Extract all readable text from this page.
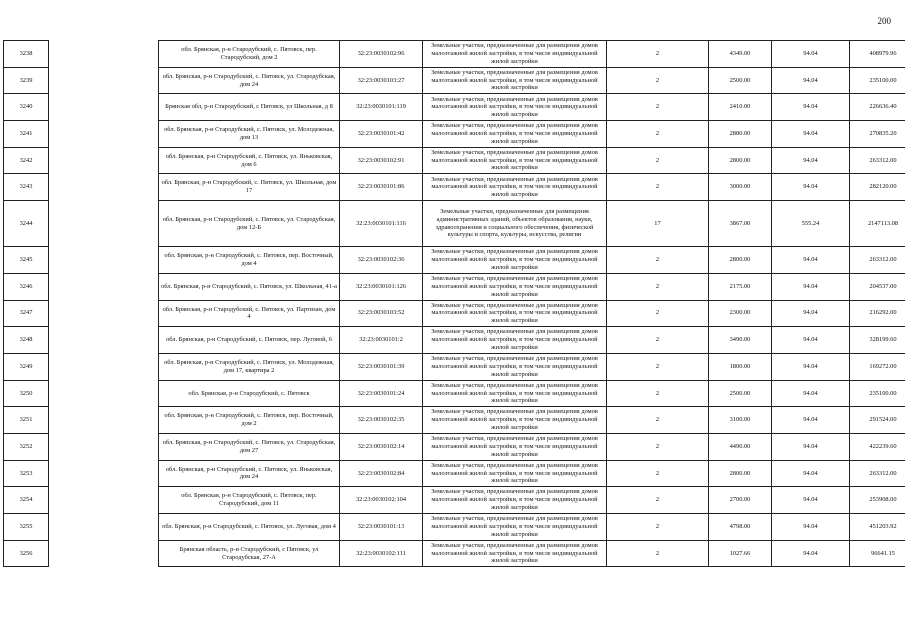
200
3238		обл. Брянская, р-н Стародубский, с. Пятовск, пер. Стародубский, дом 2	32:23:0030102:96	Земельные участки, предназначенные для размещения домов малоэтажной жилой застройки, в том числе индивидуальной жилой застройки	2	4349.00	94.04	408979.96
3239		обл. Брянская, р-н Стародубский, с. Пятовск, ул. Стародубская, дом 24	32:23:0030103:27	Земельные участки, предназначенные для размещения домов малоэтажной жилой застройки, в том числе индивидуальной жилой застройки	2	2500.00	94.04	235100.00
3240		Брянская обл, р-н Стародубский, с Пятовск, ул Школьная, д 8	32:23:0030101:119	Земельные участки, предназначенные для размещения домов малоэтажной жилой застройки, в том числе индивидуальной жилой застройки	2	2410.00	94.04	226636.40
3241		обл. Брянская, р-н Стародубский, с. Пятовск, ул. Молодежная, дом 13	32:23:0030101:42	Земельные участки, предназначенные для размещения домов малоэтажной жилой застройки, в том числе индивидуальной жилой застройки	2	2880.00	94.04	270835.20
3242		обл. Брянская, р-н Стародубский, с. Пятовск, ул. Яньковская, дом 6	32:23:0030102:91	Земельные участки, предназначенные для размещения домов малоэтажной жилой застройки, в том числе индивидуальной жилой застройки	2	2800.00	94.04	263312.00
3243		обл. Брянская, р-н Стародубский, с. Пятовск, ул. Школьная, дом 17	32:23:0030101:86	Земельные участки, предназначенные для размещения домов малоэтажной жилой застройки, в том числе индивидуальной жилой застройки	2	3000.00	94.04	282120.00
3244		обл. Брянская, р-н Стародубский, с. Пятовск, ул. Стародубская, дом 12-Б	32:23:0030101:116	Земельные участки, предназначенные для размещения административных зданий, объектов образования, науки, здравоохранения и социального обеспечения, физической культуры и спорта, культуры, искусства, религии	17	3867.00	555.24	2147113.08
3245		обл. Брянская, р-н Стародубский, с. Пятовск, пер. Восточный, дом 4	32:23:0030102:36	Земельные участки, предназначенные для размещения домов малоэтажной жилой застройки, в том числе индивидуальной жилой застройки	2	2800.00	94.04	263312.00
3246		обл. Брянская, р-н Стародубский, с. Пятовск, ул. Школьная, 41-а	32:23:0030101:126	Земельные участки, предназначенные для размещения домов малоэтажной жилой застройки, в том числе индивидуальной жилой застройки	2	2175.00	94.04	204537.00
3247		обл. Брянская, р-н Стародубский, с. Пятовск, ул. Партизан, дом 4	32:23:0030103:52	Земельные участки, предназначенные для размещения домов малоэтажной жилой застройки, в том числе индивидуальной жилой застройки	2	2300.00	94.04	216292.00
3248		обл. Брянская, р-н Стародубский, с. Пятовск, пер. Луговой, 6	32:23:0030101:2	Земельные участки, предназначенные для размещения домов малоэтажной жилой застройки, в том числе индивидуальной жилой застройки	2	3490.00	94.04	328199.60
3249		обл. Брянская, р-н Стародубский, с. Пятовск, ул. Молодежная, дом 17, квартира 2	32:23:0030101:39	Земельные участки, предназначенные для размещения домов малоэтажной жилой застройки, в том числе индивидуальной жилой застройки	2	1800.00	94.04	169272.00
3250		обл. Брянская, р-н Стародубский, с. Пятовск	32:23:0030101:24	Земельные участки, предназначенные для размещения домов малоэтажной жилой застройки, в том числе индивидуальной жилой застройки	2	2500.00	94.04	235100.00
3251		обл. Брянская, р-н Стародубский, с. Пятовск, пер. Восточный, дом 2	32:23:0030102:35	Земельные участки, предназначенные для размещения домов малоэтажной жилой застройки, в том числе индивидуальной жилой застройки	2	3100.00	94.04	291524.00
3252		обл. Брянская, р-н Стародубский, с. Пятовск, ул. Стародубская, дом 27	32:23:0030102:14	Земельные участки, предназначенные для размещения домов малоэтажной жилой застройки, в том числе индивидуальной жилой застройки	2	4490.00	94.04	422239.60
3253		обл. Брянская, р-н Стародубский, с. Пятовск, ул. Яньковская, дом 24	32:23:0030102:84	Земельные участки, предназначенные для размещения домов малоэтажной жилой застройки, в том числе индивидуальной жилой застройки	2	2800.00	94.04	263312.00
3254		обл. Брянская, р-н Стародубский, с. Пятовск, пер. Стародубский, дом 11	32:23:0030102:104	Земельные участки, предназначенные для размещения домов малоэтажной жилой застройки, в том числе индивидуальной жилой застройки	2	2700.00	94.04	253908.00
3255		обл. Брянская, р-н Стародубский, с. Пятовск, ул. Луговая, дом 4	32:23:0030101:13	Земельные участки, предназначенные для размещения домов малоэтажной жилой застройки, в том числе индивидуальной жилой застройки	2	4798.00	94.04	451203.92
3256		Брянская область, р-н Стародубский, с Пятовск, ул Стародубская, 27-А	32:23:0030102:111	Земельные участки, предназначенные для размещения домов малоэтажной жилой застройки, в том числе индивидуальной жилой застройки	2	1027.66	94.04	96641.15
